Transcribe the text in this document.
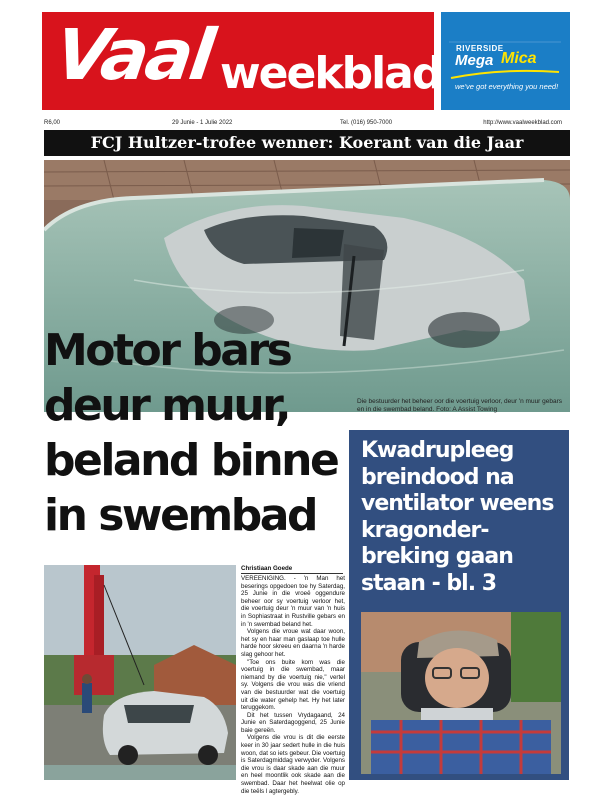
Vaal weekblad RIVERSIDE
Mega Mica
we've got everything you need!
R6,00	29 Junie - 1 Julie 2022	Tel. (016) 950-7000	http://www.vaalweekblad.com
FCJ Hultzer-trofee wenner: Koerant van die Jaar
Motor bars
deur muur,
beland binne
in swembad
Die bestuurder het beheer oor die voertuig verloor, deur 'n muur gebars en in die swembad beland. Foto: A Assist Towing
Christiaan Goede

VEREENIGING. - 'n Man het beserings opgedoen toe hy Saterdag, 25 Junie in die vroeë oggendure beheer oor sy voertuig verloor het, die voertuig deur 'n muur van 'n huis in Sophiastraat in Rustville gebars en in 'n swembad beland het.

Volgens die vroue wat daar woon, het sy en haar man gaslaap toe hulle harde hoor skreeu en daarna 'n harde slag gehoor het.

"Toe ons buite kom was die voertuig in die swembad, maar niemand by die voertuig nie," vertel sy. Volgens die vrou was die vriend van die bestuurder wat die voertuig uit die water gehelp het. Hy het later teruggekom.

Dit het tussen Vrydagaand, 24 Junie en Saterdagoggend, 25 Junie baie gereën.

Volgens die vrou is dit die eerste keer in 30 jaar sedert hulle in die huis woon, dat so iets gebeur. Die voertuig is Saterdagmiddag verwyder. Volgens die vrou is daar skade aan die muur en heel moontlik ook skade aan die swembad. Daar het heelwat olie op die teëls l agtergebly.

Kwadrupleeg
breindood na
ventilator weens
kragonder-
breking gaan
staan - bl. 3
